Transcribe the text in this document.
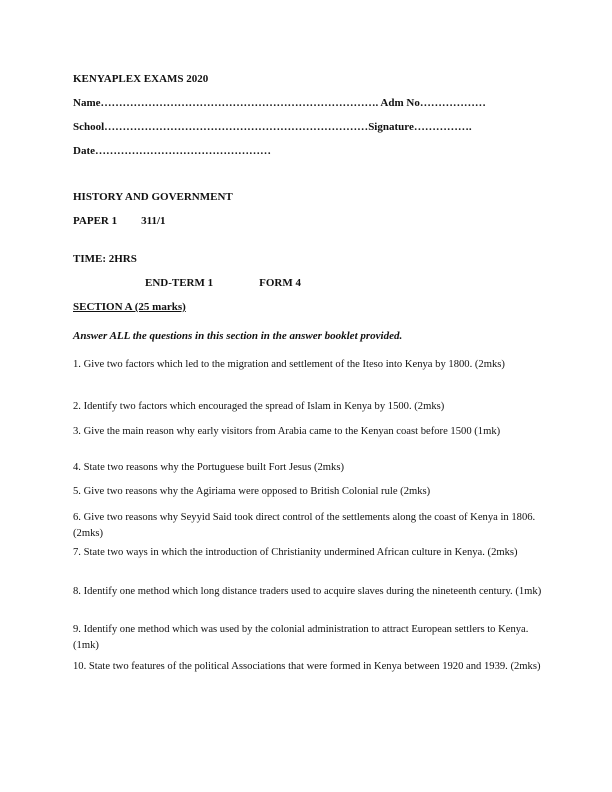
KENYAPLEX EXAMS 2020
Name…………………………………………………………………. Adm No………………
School………………………………………………………………Signature…………….
Date…………………………………………
HISTORY AND GOVERNMENT
PAPER 1 311/1
TIME: 2HRS
END-TERM 1	FORM 4
SECTION A (25 marks)
Answer ALL the questions in this section in the answer booklet provided.
1. Give two factors which led to the migration and settlement of the Iteso into Kenya by 1800. (2mks)
2. Identify two factors which encouraged the spread of Islam in Kenya by 1500. (2mks)
3. Give the main reason why early visitors from Arabia came to the Kenyan coast before 1500 (1mk)
4. State two reasons why the Portuguese built Fort Jesus (2mks)
5. Give two reasons why the Agiriama were opposed to British Colonial rule (2mks)
6. Give two reasons why Seyyid Said took direct control of the settlements along the coast of Kenya in 1806. (2mks)
7. State two ways in which the introduction of Christianity undermined African culture in Kenya. (2mks)
8. Identify one method which long distance traders used to acquire slaves during the nineteenth century. (1mk)
9. Identify one method which was used by the colonial administration to attract European settlers to Kenya. (1mk)
10. State two features of the political Associations that were formed in Kenya between 1920 and 1939. (2mks)
